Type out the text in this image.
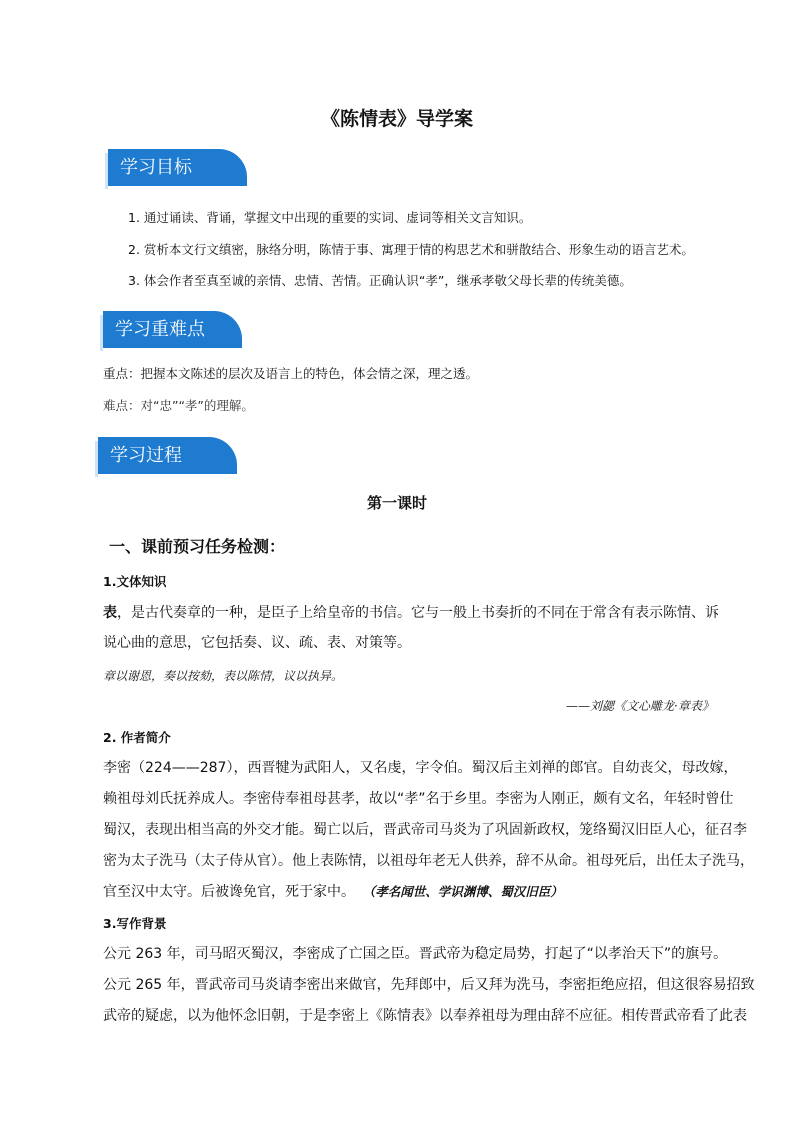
《陈情表》导学案
学习目标
1. 通过诵读、背诵，掌握文中出现的重要的实词、虚词等相关文言知识。
2. 赏析本文行文缜密，脉络分明，陈情于事、寓理于情的构思艺术和骈散结合、形象生动的语言艺术。
3. 体会作者至真至诚的亲情、忠情、苦情。正确认识“孝”，继承孝敬父母长辈的传统美德。
学习重难点
重点：把握本文陈述的层次及语言上的特色，体会情之深，理之透。
难点：对“忠”“孝”的理解。
学习过程
第一课时
一、课前预习任务检测：
1.文体知识
表，是古代奏章的一种，是臣子上给皇帝的书信。它与一般上书奏折的不同在于常含有表示陈情、诉
说心曲的意思，它包括奏、议、疏、表、对策等。
章以谢恩，奏以按劾，表以陈情，议以执异。
——刘勰《文心雕龙·章表》
2. 作者简介
李密（224——287），西晋犍为武阳人，又名虔，字令伯。蜀汉后主刘禅的郎官。自幼丧父，母改嫁，
赖祖母刘氏抚养成人。李密侍奉祖母甚孝，故以“孝”名于乡里。李密为人刚正，颇有文名，年轻时曾仕
蜀汉，表现出相当高的外交才能。蜀亡以后，晋武帝司马炎为了巩固新政权，笼络蜀汉旧臣人心，征召李
密为太子洗马（太子侍从官）。他上表陈情，以祖母年老无人供养，辞不从命。祖母死后，出任太子洗马，
官至汉中太守。后被谗免官，死于家中。 （孝名闻世、学识渊博、蜀汉旧臣）
3.写作背景
公元 263 年，司马昭灭蜀汉，李密成了亡国之臣。晋武帝为稳定局势，打起了“以孝治天下”的旗号。
公元 265 年，晋武帝司马炎请李密出来做官，先拜郎中，后又拜为洗马，李密拒绝应招，但这很容易招致
武帝的疑虑，以为他怀念旧朝，于是李密上《陈情表》以奉养祖母为理由辞不应征。相传晋武帝看了此表
